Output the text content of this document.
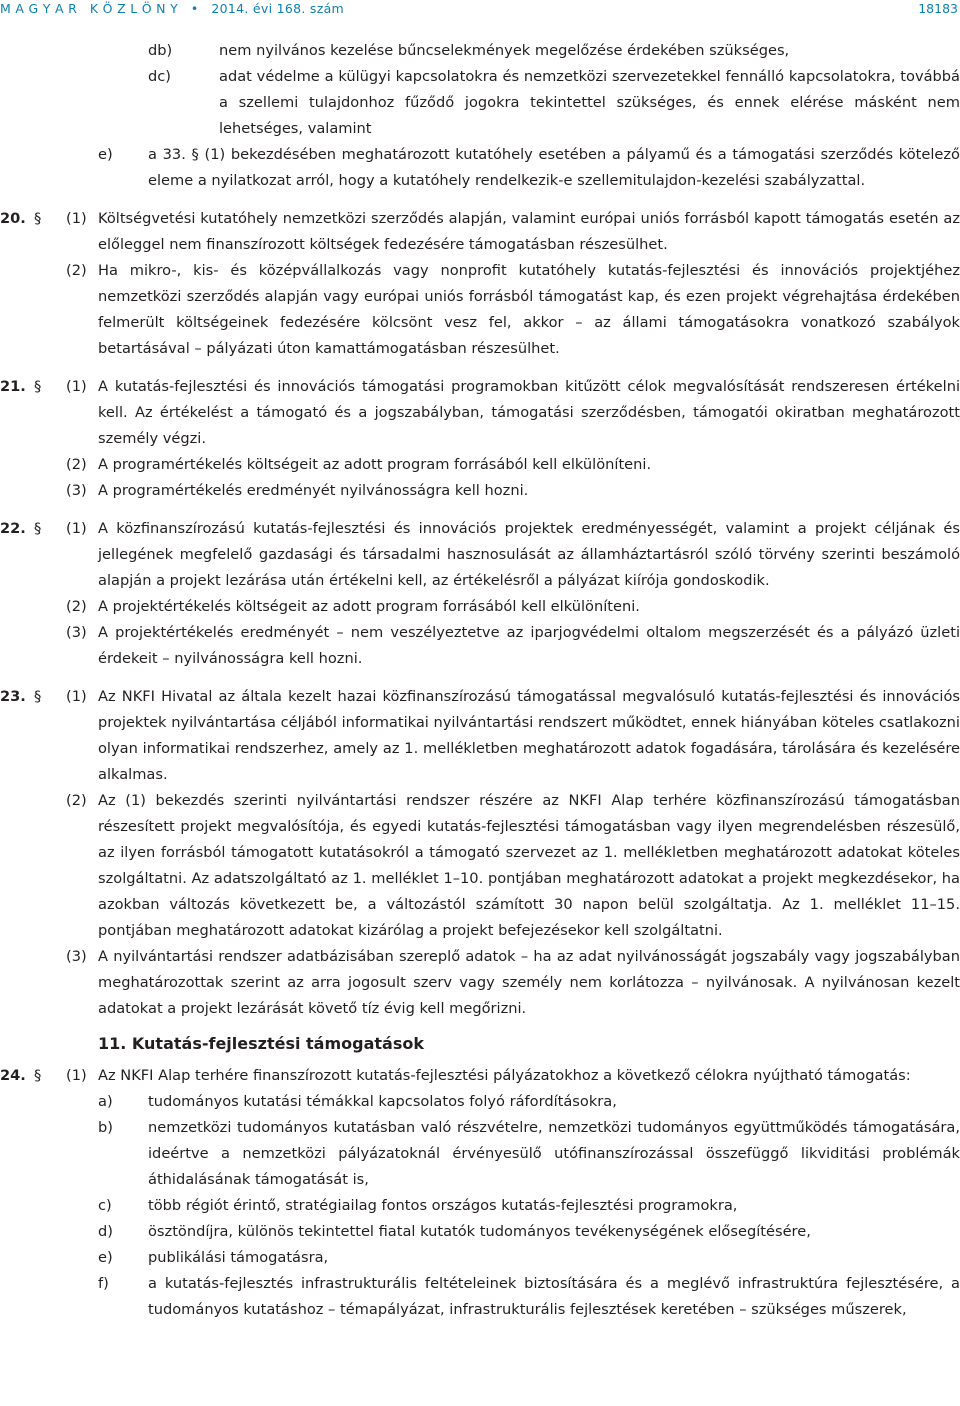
M A G Y A R   K Ö Z L Ö N Y   •   2014. évi 168. szám	18183
db)	nem nyilvános kezelése bűncselekmények megelőzése érdekében szükséges,
dc)	adat védelme a külügyi kapcsolatokra és nemzetközi szervezetekkel fennálló kapcsolatokra, továbbá a szellemi tulajdonhoz fűződő jogokra tekintettel szükséges, és ennek elérése másként nem lehetséges, valamint
e) a 33. § (1) bekezdésében meghatározott kutatóhely esetében a pályamű és a támogatási szerződés kötelező eleme a nyilatkozat arról, hogy a kutatóhely rendelkezik-e szellemitulajdon-kezelési szabályzattal.
20. § (1) Költségvetési kutatóhely nemzetközi szerződés alapján, valamint európai uniós forrásból kapott támogatás esetén az előleggel nem finanszírozott költségek fedezésére támogatásban részesülhet.
(2) Ha mikro-, kis- és középvállalkozás vagy nonprofit kutatóhely kutatás-fejlesztési és innovációs projektjéhez nemzetközi szerződés alapján vagy európai uniós forrásból támogatást kap, és ezen projekt végrehajtása érdekében felmerült költségeinek fedezésére kölcsönt vesz fel, akkor – az állami támogatásokra vonatkozó szabályok betartásával – pályázati úton kamattámogatásban részesülhet.
21. § (1) A kutatás-fejlesztési és innovációs támogatási programokban kitűzött célok megvalósítását rendszeresen értékelni kell. Az értékelést a támogató és a jogszabályban, támogatási szerződésben, támogatói okiratban meghatározott személy végzi.
(2) A programértékelés költségeit az adott program forrásából kell elkülöníteni.
(3) A programértékelés eredményét nyilvánosságra kell hozni.
22. § (1) A közfinanszírozású kutatás-fejlesztési és innovációs projektek eredményességét, valamint a projekt céljának és jellegének megfelelő gazdasági és társadalmi hasznosulását az államháztartásról szóló törvény szerinti beszámoló alapján a projekt lezárása után értékelni kell, az értékelésről a pályázat kiírója gondoskodik.
(2) A projektértékelés költségeit az adott program forrásából kell elkülöníteni.
(3) A projektértékelés eredményét – nem veszélyeztetve az iparjogvédelmi oltalom megszerzését és a pályázó üzleti érdekeit – nyilvánosságra kell hozni.
23. § (1) Az NKFI Hivatal az általa kezelt hazai közfinanszírozású támogatással megvalósuló kutatás-fejlesztési és innovációs projektek nyilvántartása céljából informatikai nyilvántartási rendszert működtet, ennek hiányában köteles csatlakozni olyan informatikai rendszerhez, amely az 1. mellékletben meghatározott adatok fogadására, tárolására és kezelésére alkalmas.
(2) Az (1) bekezdés szerinti nyilvántartási rendszer részére az NKFI Alap terhére közfinanszírozású támogatásban részesített projekt megvalósítója, és egyedi kutatás-fejlesztési támogatásban vagy ilyen megrendelésben részesülő, az ilyen forrásból támogatott kutatásokról a támogató szervezet az 1. mellékletben meghatározott adatokat köteles szolgáltatni. Az adatszolgáltató az 1. melléklet 1–10. pontjában meghatározott adatokat a projekt megkezdésekor, ha azokban változás következett be, a változástól számított 30 napon belül szolgáltatja. Az 1. melléklet 11–15. pontjában meghatározott adatokat kizárólag a projekt befejezésekor kell szolgáltatni.
(3) A nyilvántartási rendszer adatbázisában szereplő adatok – ha az adat nyilvánosságát jogszabály vagy jogszabályban meghatározottak szerint az arra jogosult szerv vagy személy nem korlátozza – nyilvánosak. A nyilvánosan kezelt adatokat a projekt lezárását követő tíz évig kell megőrizni.
11. Kutatás-fejlesztési támogatások
24. § (1) Az NKFI Alap terhére finanszírozott kutatás-fejlesztési pályázatokhoz a következő célokra nyújtható támogatás:
a) tudományos kutatási témákkal kapcsolatos folyó ráfordításokra,
b) nemzetközi tudományos kutatásban való részvételre, nemzetközi tudományos együttműködés támogatására, ideértve a nemzetközi pályázatoknál érvényesülő utófinanszírozással összefüggő likviditási problémák áthidalásának támogatását is,
c) több régiót érintő, stratégiailag fontos országos kutatás-fejlesztési programokra,
d) ösztöndíjra, különös tekintettel fiatal kutatók tudományos tevékenységének elősegítésére,
e) publikálási támogatásra,
f)	a kutatás-fejlesztés infrastrukturális feltételeinek biztosítására és a meglévő infrastruktúra fejlesztésére, a tudományos kutatáshoz – témapályázat, infrastrukturális fejlesztések keretében – szükséges műszerek,
